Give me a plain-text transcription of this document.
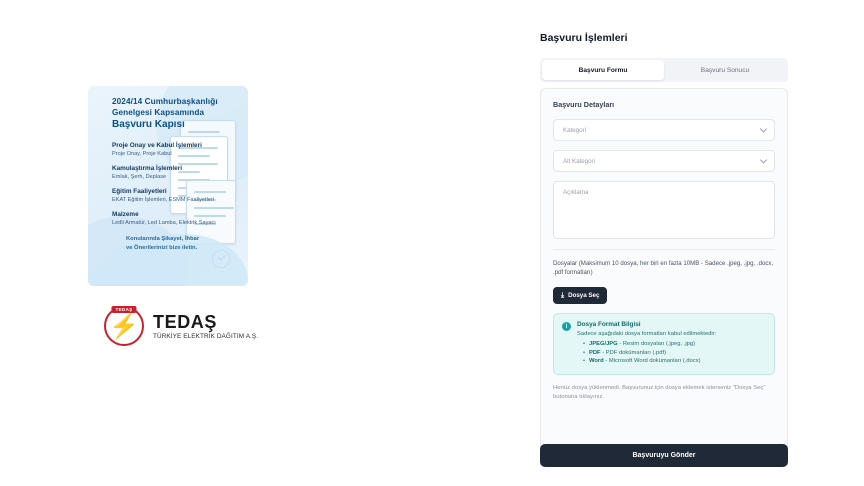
2024/14 Cumhurbaşkanlığı
Genelgesi Kapsamında
Başvuru Kapısı
Proje Onay ve Kabul İşlemleri
Proje Onay, Proje Kabul
Kamulaştırma İşlemleri
Emlak, Şerh, Deplase
Eğitim Faaliyetleri
EKAT Eğitim İşlemleri, ESMM Faaliyetleri
Malzeme
Ledli Armatür, Led Lamba, Elektrik Sayacı
Konularında Şikayet, İhbar
ve Önerilerinizi bize iletin.
TEDAŞ
⚡ TEDAŞ
TÜRKİYE ELEKTRİK DAĞITIM A.Ş.
Başvuru İşlemleri
Başvuru Formu	Başvuru Sonucu
Başvuru Detayları
Kategori
Alt Kategori
Açıklama
Dosyalar (Maksimum 10 dosya, her biri en fazla 10MB - Sadece .jpeg, .jpg, .docx, .pdf formatları)
⤓ Dosya Seç
i	Dosya Format Bilgisi
Sadece aşağıdaki dosya formatları kabul edilmektedir:
• JPEG/JPG - Resim dosyaları (.jpeg, .jpg)
• PDF - PDF dokümanları (.pdf)
• Word - Microsoft Word dokümanları (.docx)
Henüz dosya yüklenmedi. Başvurunuz için dosya eklemek isterseniz "Dosya Seç" butonuna tıklayınız.
Başvuruyu Gönder
